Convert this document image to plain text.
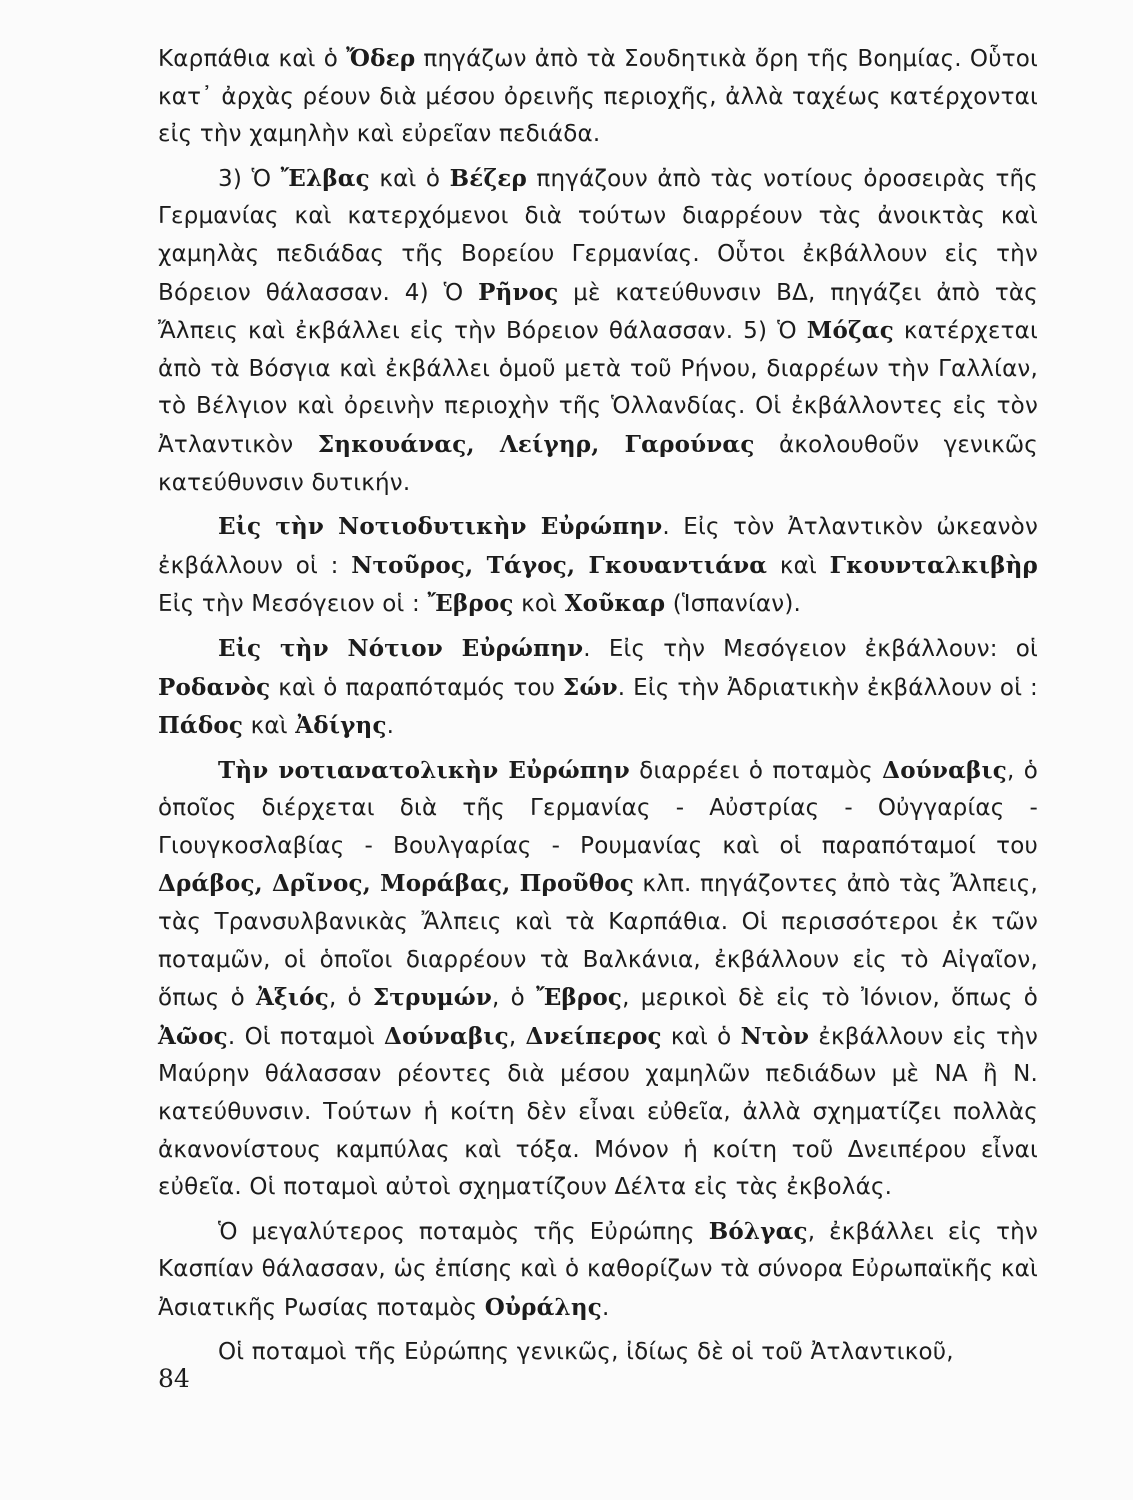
Καρπάθια καὶ ὁ Ὄδερ πηγάζων ἀπὸ τὰ Σουδητικὰ ὄρη τῆς Βοημίας. Οὗτοι κατ᾽ ἀρχὰς ρέουν διὰ μέσου ὀρεινῆς περιοχῆς, ἀλλὰ ταχέως κατέρχονται εἰς τὴν χαμηλὴν καὶ εὐρεῖαν πεδιάδα.

3) Ὁ Ἔλβας καὶ ὁ Βέζερ πηγάζουν ἀπὸ τὰς νοτίους ὀροσειρὰς τῆς Γερμανίας καὶ κατερχόμενοι διὰ τούτων διαρρέουν τὰς ἀνοικτὰς καὶ χαμηλὰς πεδιάδας τῆς Βορείου Γερμανίας. Οὗτοι ἐκβάλλουν εἰς τὴν Βόρειον θάλασσαν. 4) Ὁ Ρῆνος μὲ κατεύθυνσιν ΒΔ, πηγάζει ἀπὸ τὰς Ἄλπεις καὶ ἐκβάλλει εἰς τὴν Βόρειον θάλασσαν. 5) Ὁ Μόζας κατέρχεται ἀπὸ τὰ Βόσγια καὶ ἐκβάλλει ὁμοῦ μετὰ τοῦ Ρήνου, διαρρέων τὴν Γαλλίαν, τὸ Βέλγιον καὶ ὀρεινὴν περιοχὴν τῆς Ὁλλανδίας. Οἱ ἐκβάλλοντες εἰς τὸν Ἀτλαντικὸν Σηκουάνας, Λείγηρ, Γαρούνας ἀκολουθοῦν γενικῶς κατεύθυνσιν δυτικήν.

Εἰς τὴν Νοτιοδυτικὴν Εὐρώπην. Εἰς τὸν Ἀτλαντικὸν ὠκεανὸν ἐκβάλλουν οἱ : Ντοῦρος, Τάγος, Γκουαντιάνα καὶ Γκουνταλκιβὴρ Εἰς τὴν Μεσόγειον οἱ : Ἔβρος κοὶ Χοῦκαρ (Ἱσπανίαν).

Εἰς τὴν Νότιον Εὐρώπην. Εἰς τὴν Μεσόγειον ἐκβάλλουν: οἱ Ροδανὸς καὶ ὁ παραπόταμός του Σών. Εἰς τὴν Ἀδριατικὴν ἐκβάλλουν οἱ : Πάδος καὶ Ἀδίγης.

Τὴν νοτιανατολικὴν Εὐρώπην διαρρέει ὁ ποταμὸς Δούναβις, ὁ ὁποῖος διέρχεται διὰ τῆς Γερμανίας - Αὐστρίας - Οὐγγαρίας - Γιουγκοσλαβίας - Βουλγαρίας - Ρουμανίας καὶ οἱ παραπόταμοί του Δράβος, Δρῖνος, Μοράβας, Προῦθος κλπ. πηγάζοντες ἀπὸ τὰς Ἄλπεις, τὰς Τρανσυλβανικὰς Ἄλπεις καὶ τὰ Καρπάθια. Οἱ περισσότεροι ἐκ τῶν ποταμῶν, οἱ ὁποῖοι διαρρέουν τὰ Βαλκάνια, ἐκβάλλουν εἰς τὸ Αἰγαῖον, ὅπως ὁ Ἀξιός, ὁ Στρυμών, ὁ Ἔβρος, μερικοὶ δὲ εἰς τὸ Ἰόνιον, ὅπως ὁ Ἀῶος. Οἱ ποταμοὶ Δούναβις, Δνείπερος καὶ ὁ Ντὸν ἐκβάλλουν εἰς τὴν Μαύρην θάλασσαν ρέοντες διὰ μέσου χαμηλῶν πεδιάδων μὲ ΝΑ ἢ Ν. κατεύθυνσιν. Τούτων ἡ κοίτη δὲν εἶναι εὐθεῖα, ἀλλὰ σχηματίζει πολλὰς ἀκανονίστους καμπύλας καὶ τόξα. Μόνον ἡ κοίτη τοῦ Δνειπέρου εἶναι εὐθεῖα. Οἱ ποταμοὶ αὐτοὶ σχηματίζουν Δέλτα εἰς τὰς ἐκβολάς.

Ὁ μεγαλύτερος ποταμὸς τῆς Εὐρώπης Βόλγας, ἐκβάλλει εἰς τὴν Κασπίαν θάλασσαν, ὡς ἐπίσης καὶ ὁ καθορίζων τὰ σύνορα Εὐρωπαϊκῆς καὶ Ἀσιατικῆς Ρωσίας ποταμὸς Οὐράλης.

Οἱ ποταμοὶ τῆς Εὐρώπης γενικῶς, ἰδίως δὲ οἱ τοῦ Ἀτλαντικοῦ,

84
